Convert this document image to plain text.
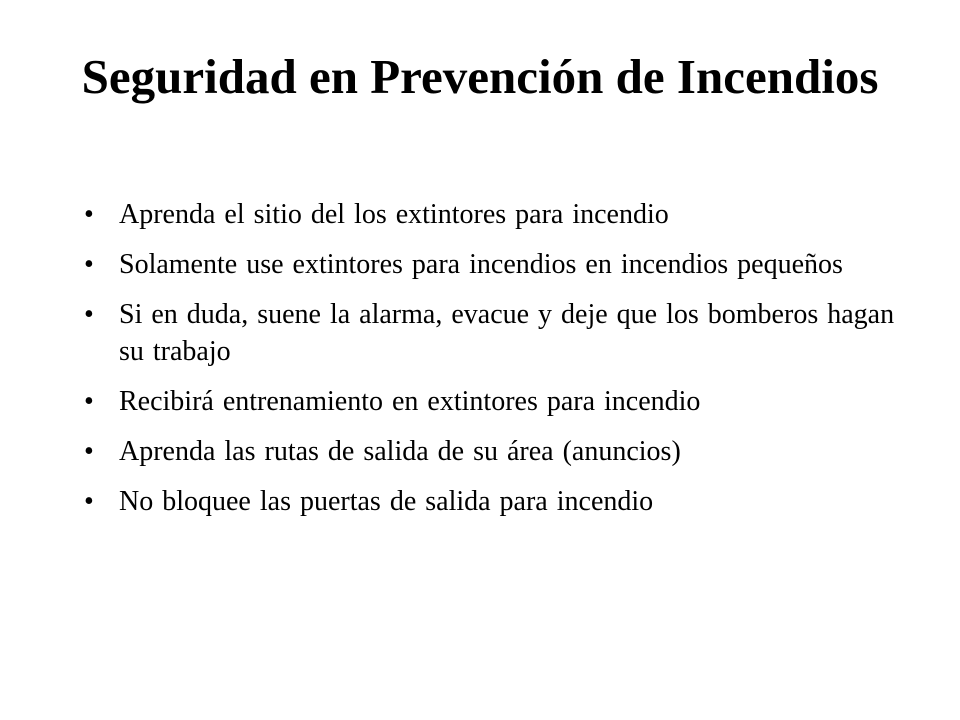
Seguridad en Prevención de Incendios
• Aprenda el sitio del los extintores para incendio
• Solamente use extintores para incendios en incendios pequeños
• Si en duda, suene la alarma, evacue y deje que los bomberos hagan su trabajo
• Recibirá entrenamiento en extintores para incendio
• Aprenda las rutas de salida de su área (anuncios)
• No bloquee las puertas de salida para incendio
